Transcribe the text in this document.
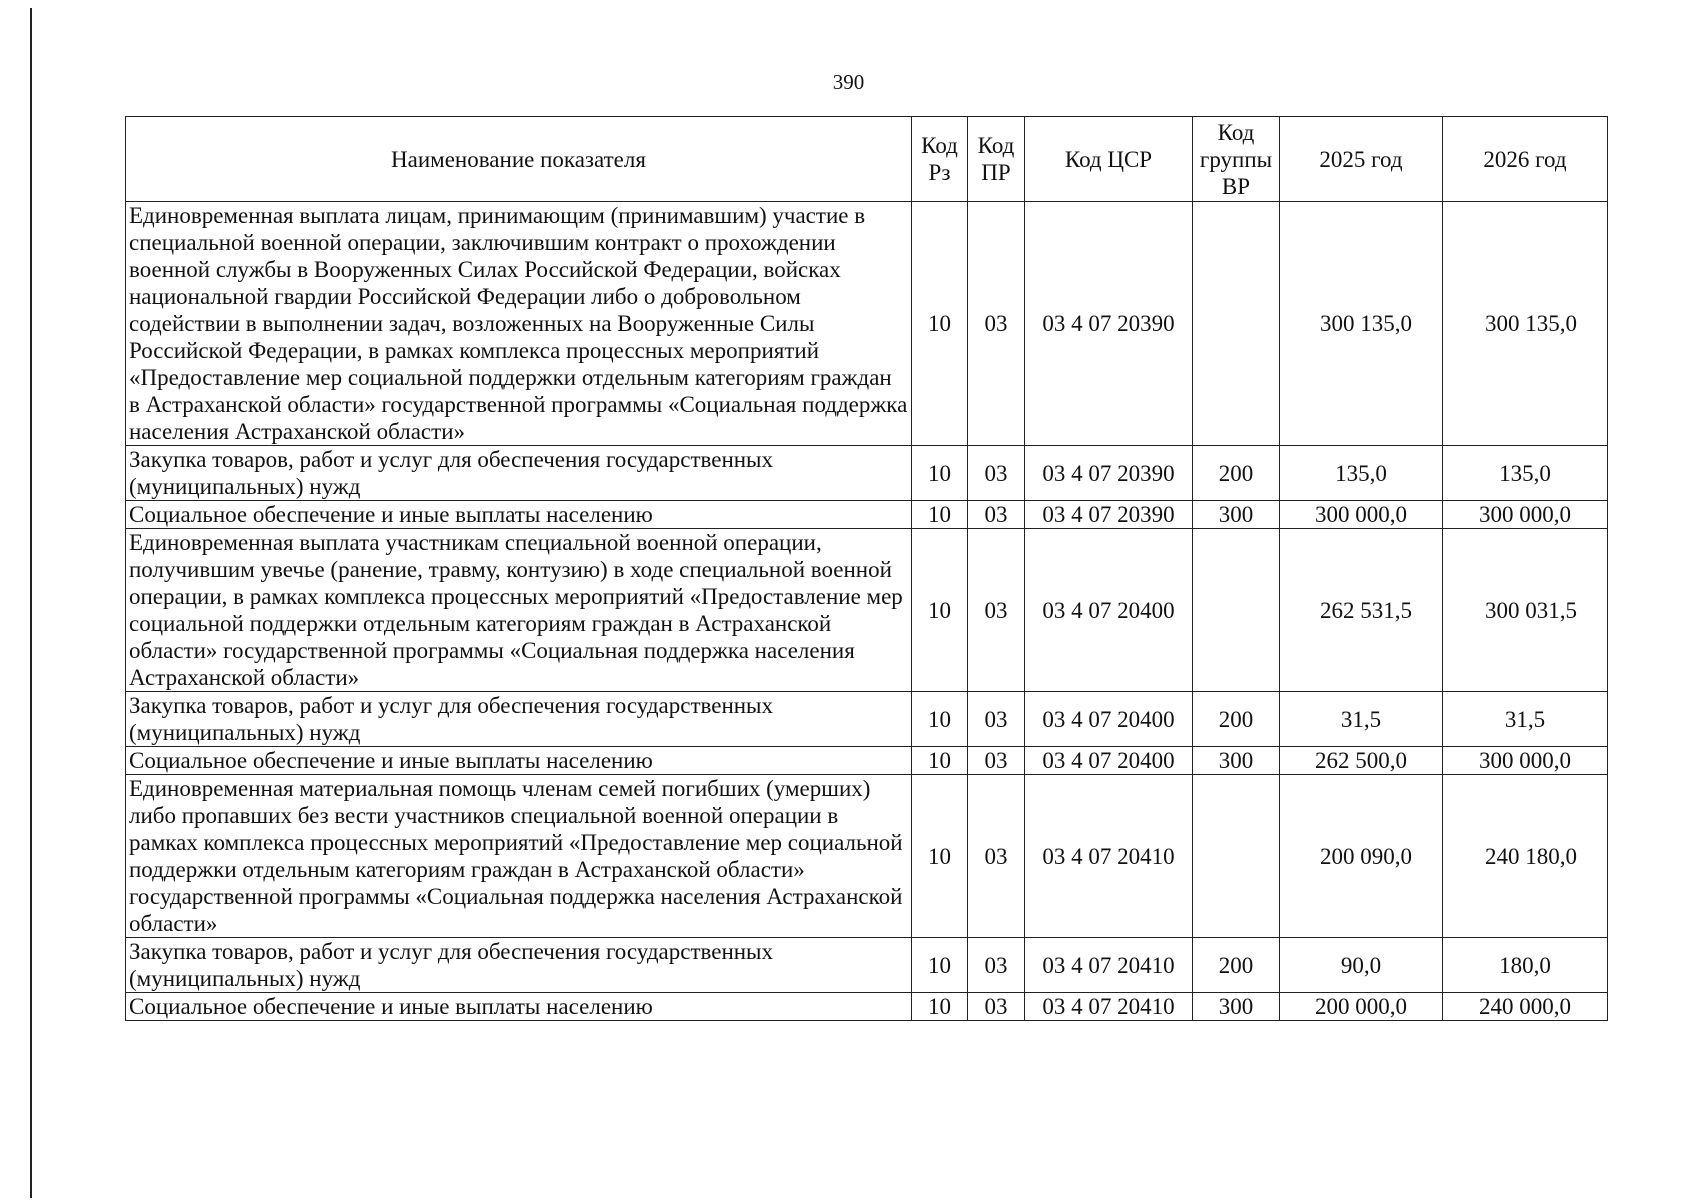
390
Наименование показателя	Код Рз	Код ПР	Код ЦСР	Код группы ВР	2025 год	2026 год
Единовременная выплата лицам, принимающим (принимавшим) участие в специальной военной операции, заключившим контракт о прохождении военной службы в Вооруженных Силах Российской Федерации, войсках национальной гвардии Российской Федерации либо о добровольном содействии в выполнении задач, возложенных на Вооруженные Силы Российской Федерации, в рамках комплекса процессных мероприятий «Предоставление мер социальной поддержки отдельным категориям граждан в Астраханской области» государственной программы «Социальная поддержка населения Астраханской области»	10	03	03 4 07 20390		300 135,0	300 135,0
Закупка товаров, работ и услуг для обеспечения государственных (муниципальных) нужд	10	03	03 4 07 20390	200	135,0	135,0
Социальное обеспечение и иные выплаты населению	10	03	03 4 07 20390	300	300 000,0	300 000,0
Единовременная выплата участникам специальной военной операции, получившим увечье (ранение, травму, контузию) в ходе специальной военной операции, в рамках комплекса процессных мероприятий «Предоставление мер социальной поддержки отдельным категориям граждан в Астраханской области» государственной программы «Социальная поддержка населения Астраханской области»	10	03	03 4 07 20400		262 531,5	300 031,5
Закупка товаров, работ и услуг для обеспечения государственных (муниципальных) нужд	10	03	03 4 07 20400	200	31,5	31,5
Социальное обеспечение и иные выплаты населению	10	03	03 4 07 20400	300	262 500,0	300 000,0
Единовременная материальная помощь членам семей погибших (умерших) либо пропавших без вести участников специальной военной операции в рамках комплекса процессных мероприятий «Предоставление мер социальной поддержки отдельным категориям граждан в Астраханской области» государственной программы «Социальная поддержка населения Астраханской области»	10	03	03 4 07 20410		200 090,0	240 180,0
Закупка товаров, работ и услуг для обеспечения государственных (муниципальных) нужд	10	03	03 4 07 20410	200	90,0	180,0
Социальное обеспечение и иные выплаты населению	10	03	03 4 07 20410	300	200 000,0	240 000,0
